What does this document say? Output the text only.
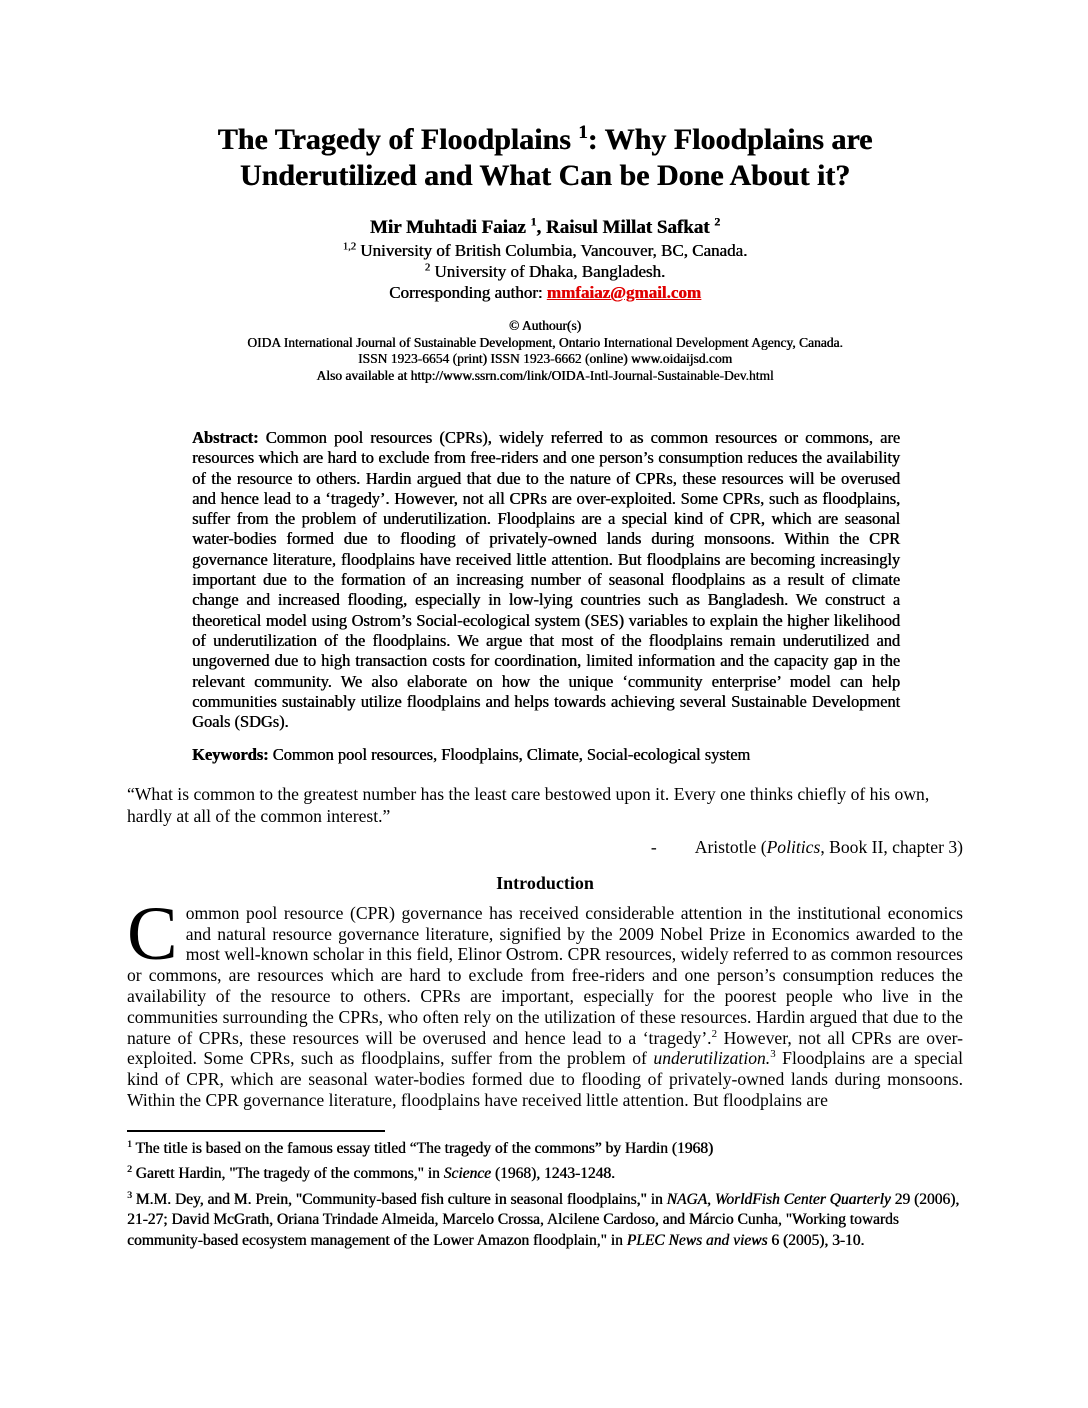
The Tragedy of Floodplains $^1$: Why Floodplains are
Underutilized and What Can be Done About it?
Mir Muhtadi Faiaz $^1$, Raisul Millat Safkat $^2$
$^{1,2}$ University of British Columbia, Vancouver, BC, Canada.
$^2$ University of Dhaka, Bangladesh.
Corresponding author: mmfaiaz@gmail.com
© Authour(s)
OIDA International Journal of Sustainable Development, Ontario International Development Agency, Canada.
ISSN 1923-6654 (print) ISSN 1923-6662 (online) www.oidaijsd.com
Also available at http://www.ssrn.com/link/OIDA-Intl-Journal-Sustainable-Dev.html

Abstract: Common pool resources (CPRs), widely referred to as common resources or commons, are resources which are hard to exclude from free-riders and one person’s consumption reduces the availability of the resource to others. Hardin argued that due to the nature of CPRs, these resources will be overused and hence lead to a ‘tragedy’. However, not all CPRs are over-exploited. Some CPRs, such as floodplains, suffer from the problem of underutilization. Floodplains are a special kind of CPR, which are seasonal water-bodies formed due to flooding of privately-owned lands during monsoons. Within the CPR governance literature, floodplains have received little attention. But floodplains are becoming increasingly important due to the formation of an increasing number of seasonal floodplains as a result of climate change and increased flooding, especially in low-lying countries such as Bangladesh. We construct a theoretical model using Ostrom’s Social-ecological system (SES) variables to explain the higher likelihood of underutilization of the floodplains. We argue that most of the floodplains remain underutilized and ungoverned due to high transaction costs for coordination, limited information and the capacity gap in the relevant community. We also elaborate on how the unique ‘community enterprise’ model can help communities sustainably utilize floodplains and helps towards achieving several Sustainable Development Goals (SDGs).

Keywords: Common pool resources, Floodplains, Climate, Social-ecological system

“What is common to the greatest number has the least care bestowed upon it. Every one thinks chiefly of his own, hardly at all of the common interest.”

- Aristotle (Politics, Book II, chapter 3)

Introduction

Common pool resource (CPR) governance has received considerable attention in the institutional economics and natural resource governance literature, signified by the 2009 Nobel Prize in Economics awarded to the most well-known scholar in this field, Elinor Ostrom. CPR resources, widely referred to as common resources or commons, are resources which are hard to exclude from free-riders and one person’s consumption reduces the availability of the resource to others. CPRs are important, especially for the poorest people who live in the communities surrounding the CPRs, who often rely on the utilization of these resources. Hardin argued that due to the nature of CPRs, these resources will be overused and hence lead to a ‘tragedy’.$^2$ However, not all CPRs are over-exploited. Some CPRs, such as floodplains, suffer from the problem of underutilization.$^3$ Floodplains are a special kind of CPR, which are seasonal water-bodies formed due to flooding of privately-owned lands during monsoons. Within the CPR governance literature, floodplains have received little attention. But floodplains are

$^1$ The title is based on the famous essay titled “The tragedy of the commons” by Hardin (1968)

$^2$ Garett Hardin, "The tragedy of the commons," in Science (1968), 1243-1248.

$^3$ M.M. Dey, and M. Prein, "Community-based fish culture in seasonal floodplains," in NAGA, WorldFish Center Quarterly 29 (2006), 21-27; David McGrath, Oriana Trindade Almeida, Marcelo Crossa, Alcilene Cardoso, and Márcio Cunha, "Working towards community-based ecosystem management of the Lower Amazon floodplain," in PLEC News and views 6 (2005), 3-10.
